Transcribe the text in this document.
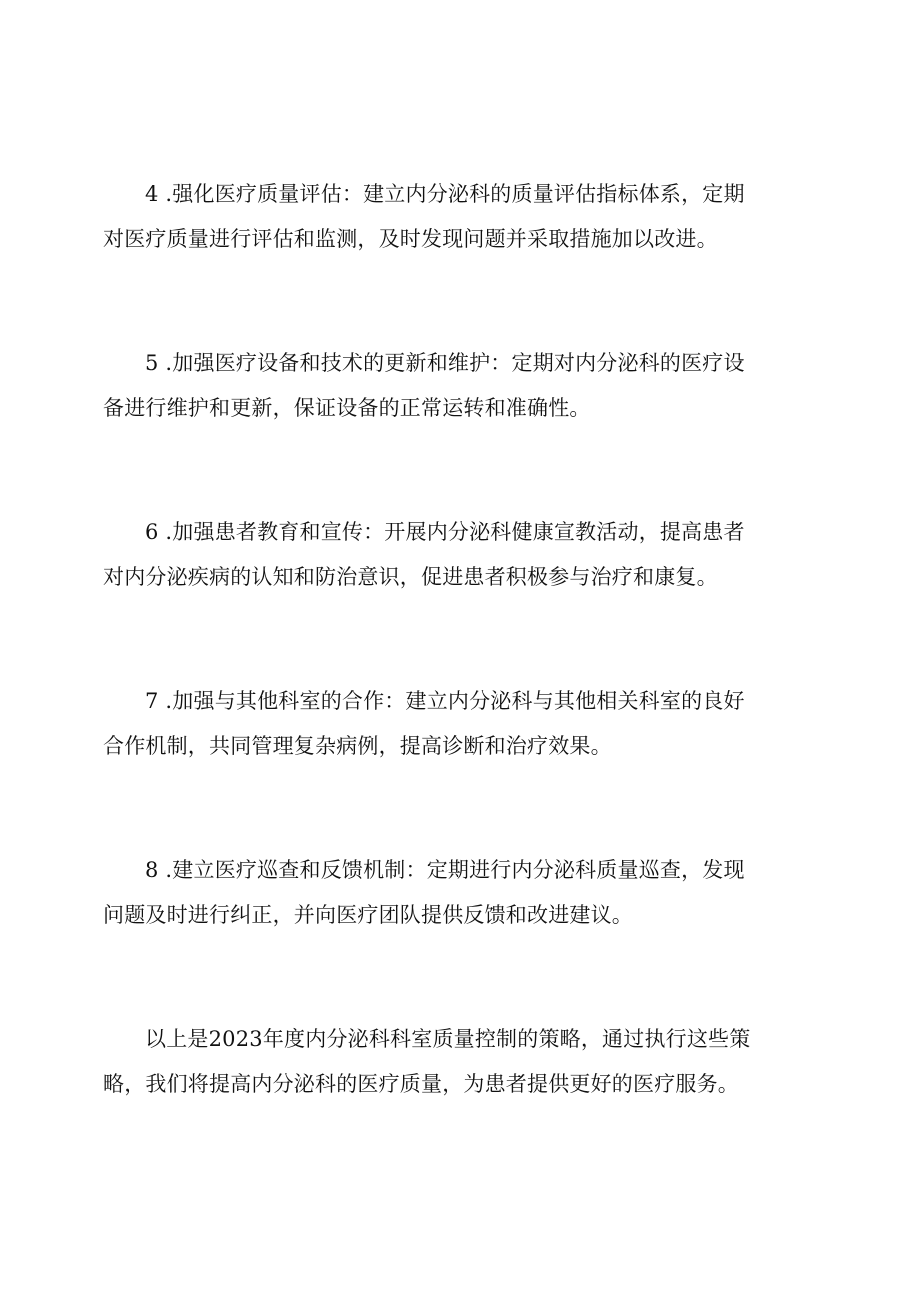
4 .强化医疗质量评估：建立内分泌科的质量评估指标体系，定期
对医疗质量进行评估和监测，及时发现问题并采取措施加以改进。

5 .加强医疗设备和技术的更新和维护：定期对内分泌科的医疗设
备进行维护和更新，保证设备的正常运转和准确性。

6 .加强患者教育和宣传：开展内分泌科健康宣教活动，提高患者
对内分泌疾病的认知和防治意识，促进患者积极参与治疗和康复。

7 .加强与其他科室的合作：建立内分泌科与其他相关科室的良好
合作机制，共同管理复杂病例，提高诊断和治疗效果。

8 .建立医疗巡查和反馈机制：定期进行内分泌科质量巡查，发现
问题及时进行纠正，并向医疗团队提供反馈和改进建议。

以上是2023年度内分泌科科室质量控制的策略，通过执行这些策
略，我们将提高内分泌科的医疗质量，为患者提供更好的医疗服务。
